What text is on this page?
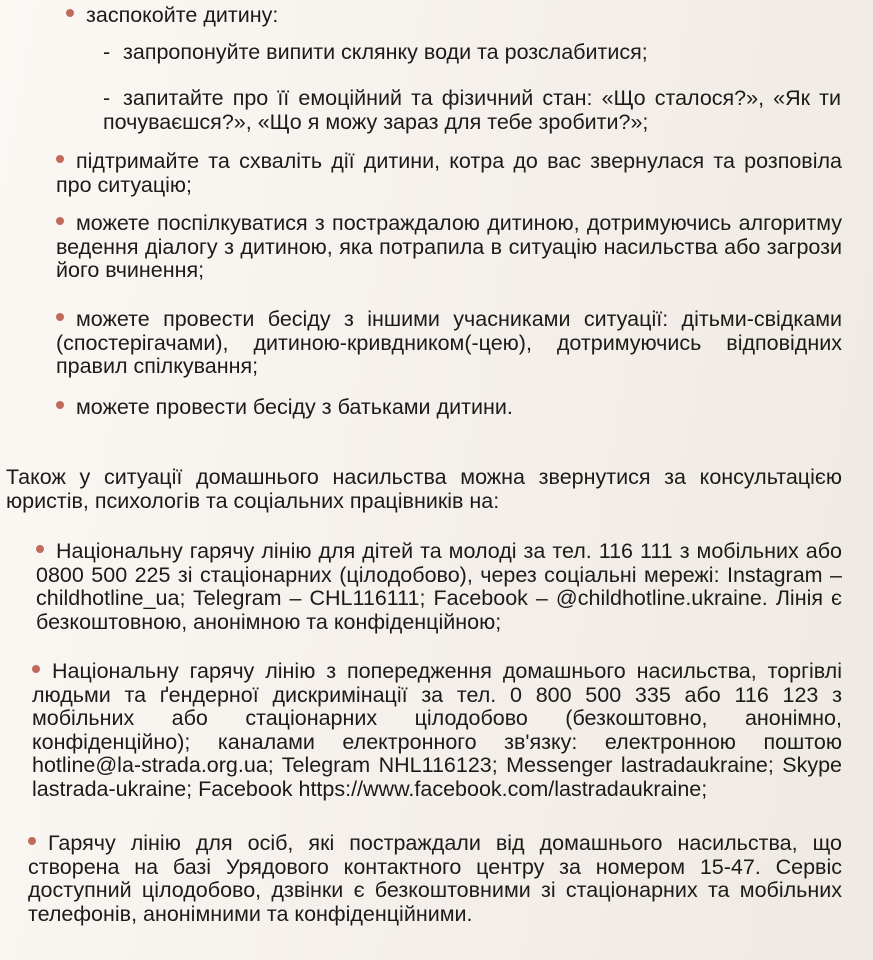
заспокойте дитину:

- запропонуйте випити склянку води та розслабитися;

- запитайте про її емоційний та фізичний стан: «Що сталося?», «Як ти почуваєшся?», «Що я можу зараз для тебе зробити?»;

підтримайте та схваліть дії дитини, котра до вас звернулася та розповіла про ситуацію;

можете поспілкуватися з постраждалою дитиною, дотримуючись алгоритму ведення діалогу з дитиною, яка потрапила в ситуацію насильства або загрози його вчинення;

можете провести бесіду з іншими учасниками ситуації: дітьми-свідками (спостерігачами), дитиною-кривдником(-цею), дотримуючись відповідних правил спілкування;

можете провести бесіду з батьками дитини.

Також у ситуації домашнього насильства можна звернутися за консультацією юристів, психологів та соціальних працівників на:

Національну гарячу лінію для дітей та молоді за тел. 116 111 з мобільних або 0800 500 225 зі стаціонарних (цілодобово), через соціальні мережі: Instagram – childhotline_ua; Telegram – CHL116111; Facebook – @childhotline.ukraine. Лінія є безкоштовною, анонімною та конфіденційною;

Національну гарячу лінію з попередження домашнього насильства, торгівлі людьми та ґендерної дискримінації за тел. 0 800 500 335 або 116 123 з мобільних або стаціонарних цілодобово (безкоштовно, анонімно, конфіденційно); каналами електронного зв'язку: електронною поштою hotline@la-strada.org.ua; Telegram NHL116123; Messenger lastradaukraine; Skype lastrada-ukraine; Facebook https://www.facebook.com/lastradaukraine;

Гарячу лінію для осіб, які постраждали від домашнього насильства, що створена на базі Урядового контактного центру за номером 15-47. Сервіс доступний цілодобово, дзвінки є безкоштовними зі стаціонарних та мобільних телефонів, анонімними та конфіденційними.
